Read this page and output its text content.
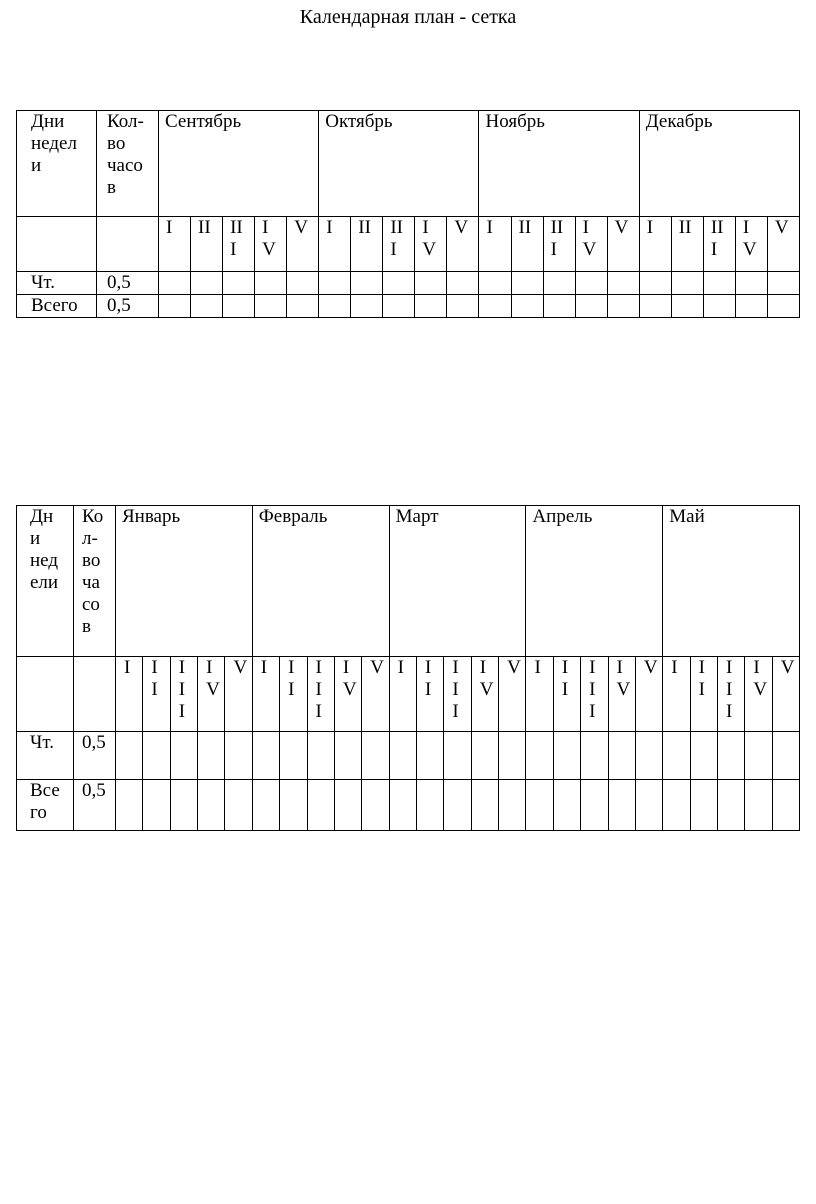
Календарная план - сетка
Дни недели	Кол-во часов	Сентябрь					Октябрь					Ноябрь					Декабрь				
		I	II	III	IV	V	I	II	III	IV	V	I	II	III	IV	V	I	II	III	IV	V
Чт.	0,5																				
Всего	0,5																				
Дни недели	Кол-во часов	Январь					Февраль					Март					Апрель					Май				
		I	II	III	IV	V	I	II	III	IV	V	I	II	III	IV	V	I	II	III	IV	V	I	II	III	IV	V
Чт.	0,5																									
Всего	0,5																									
